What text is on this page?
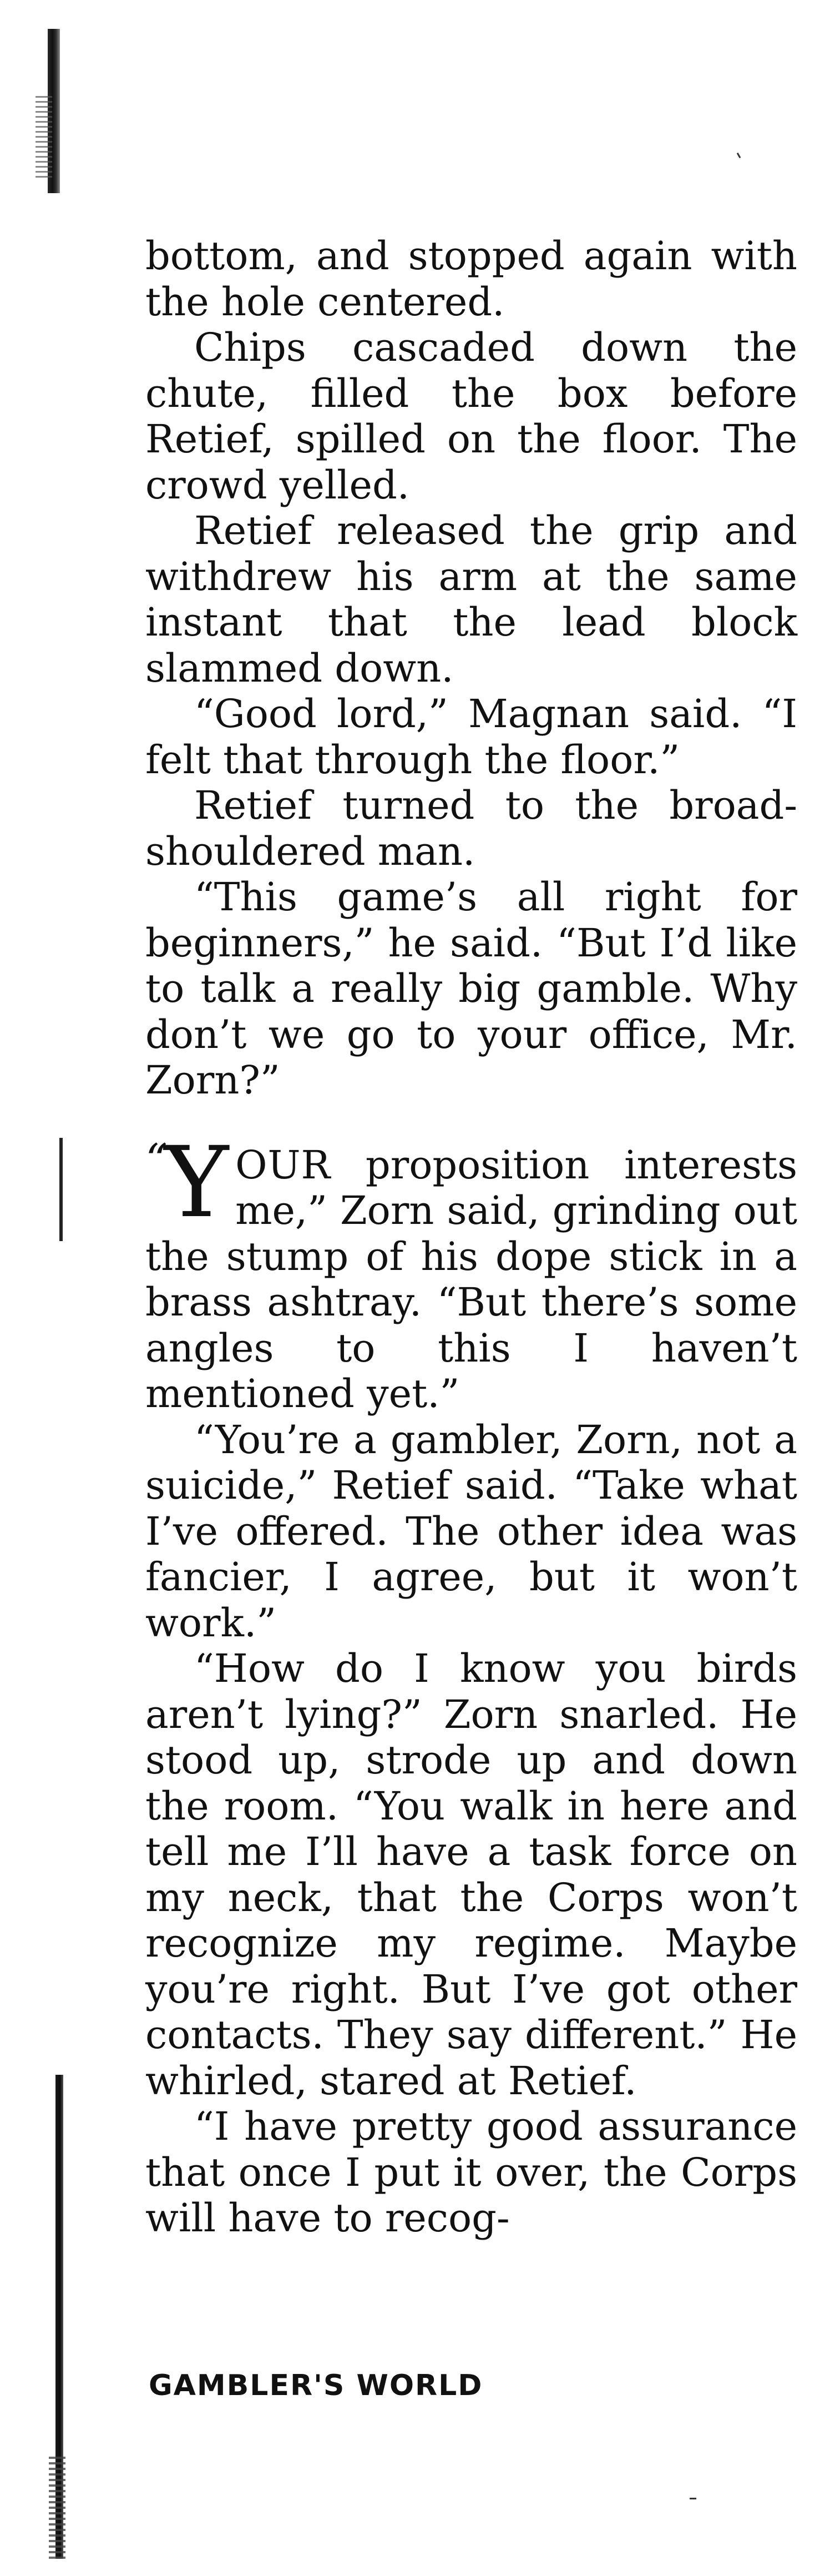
bottom, and stopped again with the hole centered.

Chips cascaded down the chute, filled the box before Retief, spilled on the floor. The crowd yelled.

Retief released the grip and withdrew his arm at the same instant that the lead block slammed down.

“Good lord,” Magnan said. “I felt that through the floor.”

Retief turned to the broad-shouldered man.

“This game’s all right for beginners,” he said. “But I’d like to talk a really big gamble. Why don’t we go to your office, Mr. Zorn?”

“ Y OUR proposition interests me,” Zorn said, grinding out the stump of his dope stick in a brass ashtray. “But there’s some angles to this I haven’t mentioned yet.”

“You’re a gambler, Zorn, not a suicide,” Retief said. “Take what I’ve offered. The other idea was fancier, I agree, but it won’t work.”

“How do I know you birds aren’t lying?” Zorn snarled. He stood up, strode up and down the room. “You walk in here and tell me I’ll have a task force on my neck, that the Corps won’t recognize my regime. Maybe you’re right. But I’ve got other contacts. They say different.” He whirled, stared at Retief.

“I have pretty good assurance that once I put it over, the Corps will have to recog-

GAMBLER'S WORLD
